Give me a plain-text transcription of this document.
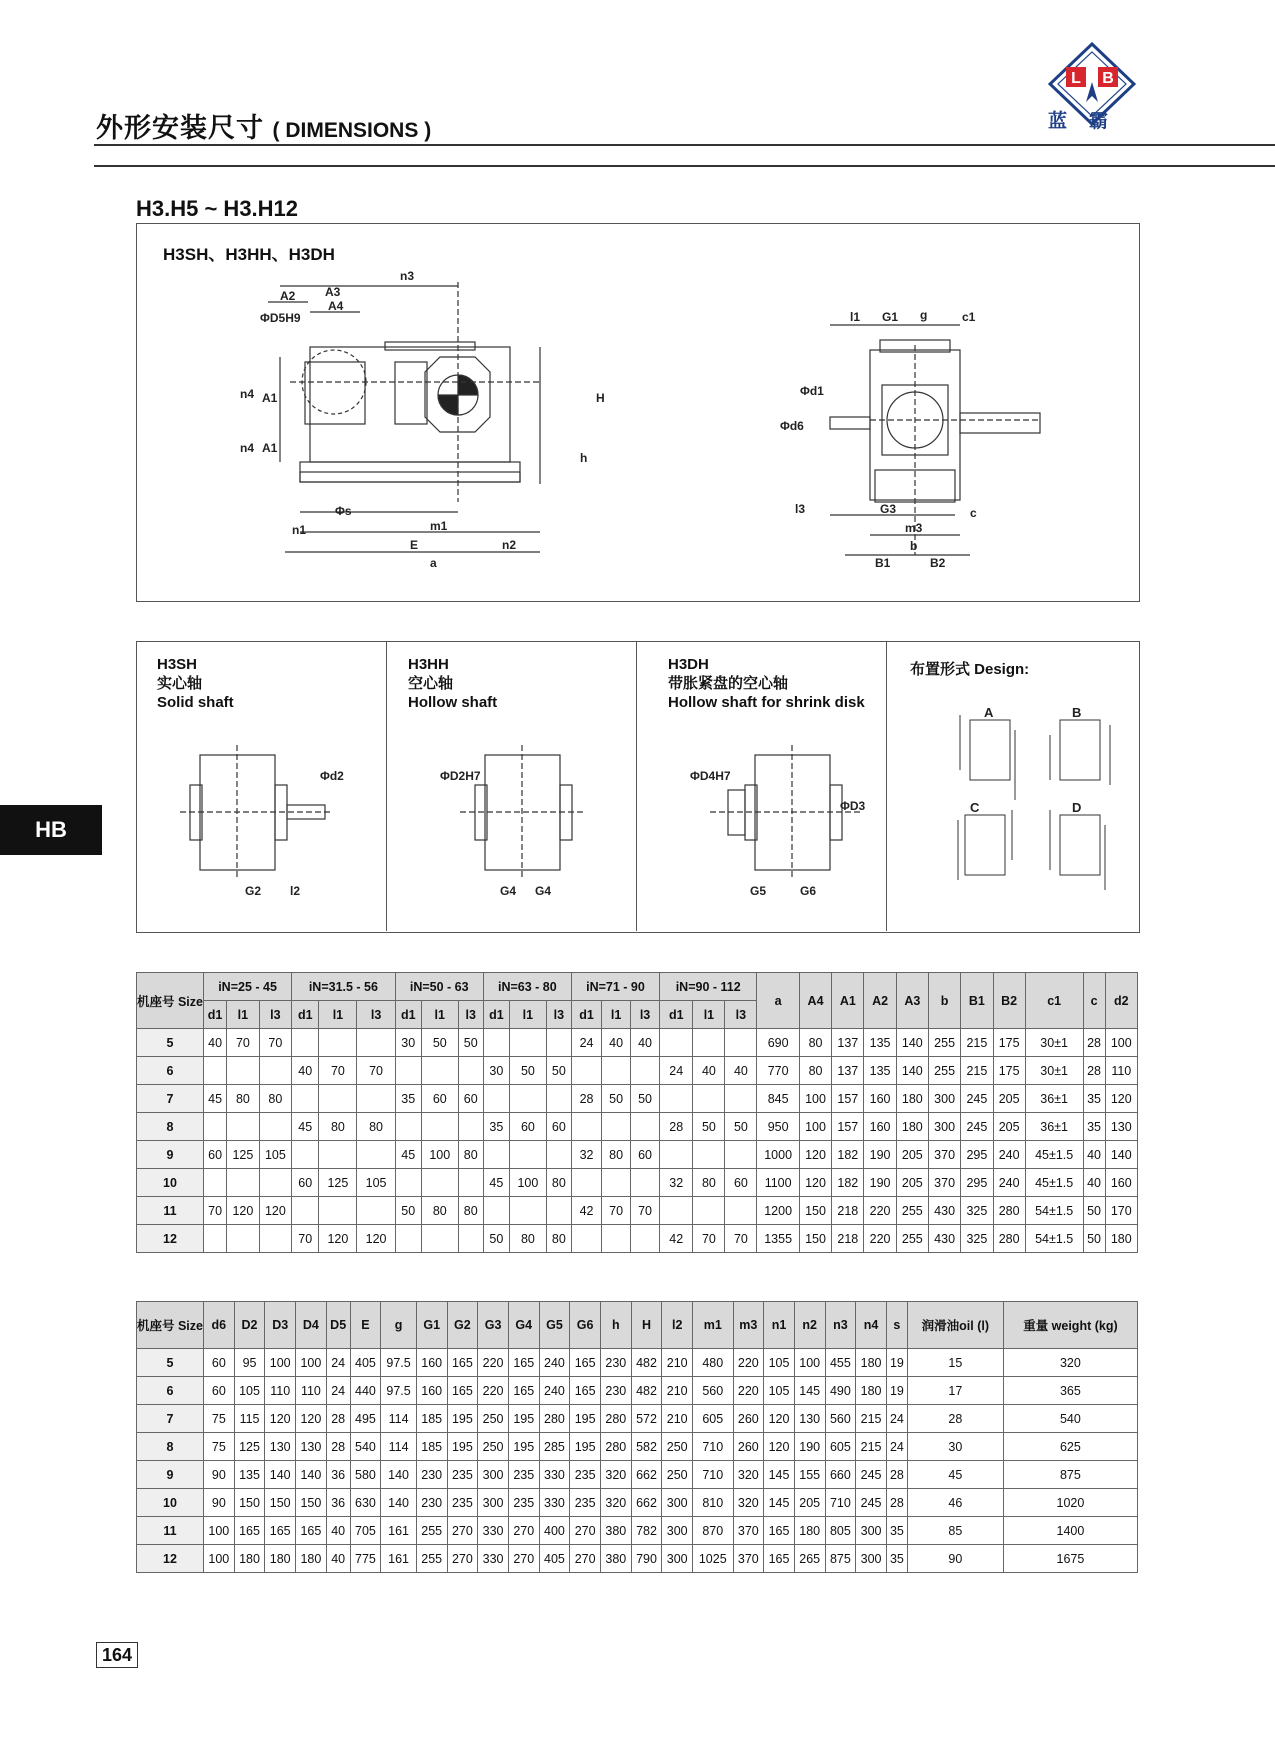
外形安装尺寸 ( DIMENSIONS )
L B
蓝霸
H3.H5 ~ H3.H12
H3SH、H3HH、H3DH
n3
A2 A3
A4
ΦD5H9
n4 A1
n4 A1
H
h
Φs
n1	m1
E	n2
a
l1 G1 g	c1
Φd1
Φd6
l3	G3
m3
c
b
B1	B2
HB
H3SH
实心轴
Solid shaft
H3HH
空心轴
Hollow shaft
H3DH
带胀紧盘的空心轴
Hollow shaft for shrink disk
Φd2
G2 l2
ΦD2H7
G4 G4
ΦD4H7
ΦD3
G5	G6
布置形式 Design:
A	B
C	D
机座号 Size	iN=25 - 45			iN=31.5 - 56			iN=50 - 63			iN=63 - 80			iN=71 - 90			iN=90 - 112			a	A4	A1	A2	A3	b	B1	B2	c1	c	d2
	d1	l1	l3	d1	l1	l3	d1	l1	l3	d1	l1	l3	d1	l1	l3	d1	l1	l3											
5	40	70	70				30	50	50				24	40	40				690	80	137	135	140	255	215	175	30±1	28	100
6				40	70	70				30	50	50				24	40	40	770	80	137	135	140	255	215	175	30±1	28	110
7	45	80	80				35	60	60				28	50	50				845	100	157	160	180	300	245	205	36±1	35	120
8				45	80	80				35	60	60				28	50	50	950	100	157	160	180	300	245	205	36±1	35	130
9	60	125	105				45	100	80				32	80	60				1000	120	182	190	205	370	295	240	45±1.5	40	140
10				60	125	105				45	100	80				32	80	60	1100	120	182	190	205	370	295	240	45±1.5	40	160
11	70	120	120				50	80	80				42	70	70				1200	150	218	220	255	430	325	280	54±1.5	50	170
12				70	120	120				50	80	80				42	70	70	1355	150	218	220	255	430	325	280	54±1.5	50	180
机座号 Size	d6	D2	D3	D4	D5	E	g	G1	G2	G3	G4	G5	G6	h	H	l2	m1	m3	n1	n2	n3	n4	s	润滑油oil (l)	重量 weight (kg)
5	60	95	100	100	24	405	97.5	160	165	220	165	240	165	230	482	210	480	220	105	100	455	180	19	15	320
6	60	105	110	110	24	440	97.5	160	165	220	165	240	165	230	482	210	560	220	105	145	490	180	19	17	365
7	75	115	120	120	28	495	114	185	195	250	195	280	195	280	572	210	605	260	120	130	560	215	24	28	540
8	75	125	130	130	28	540	114	185	195	250	195	285	195	280	582	250	710	260	120	190	605	215	24	30	625
9	90	135	140	140	36	580	140	230	235	300	235	330	235	320	662	250	710	320	145	155	660	245	28	45	875
10	90	150	150	150	36	630	140	230	235	300	235	330	235	320	662	300	810	320	145	205	710	245	28	46	1020
11	100	165	165	165	40	705	161	255	270	330	270	400	270	380	782	300	870	370	165	180	805	300	35	85	1400
12	100	180	180	180	40	775	161	255	270	330	270	405	270	380	790	300	1025	370	165	265	875	300	35	90	1675
164
